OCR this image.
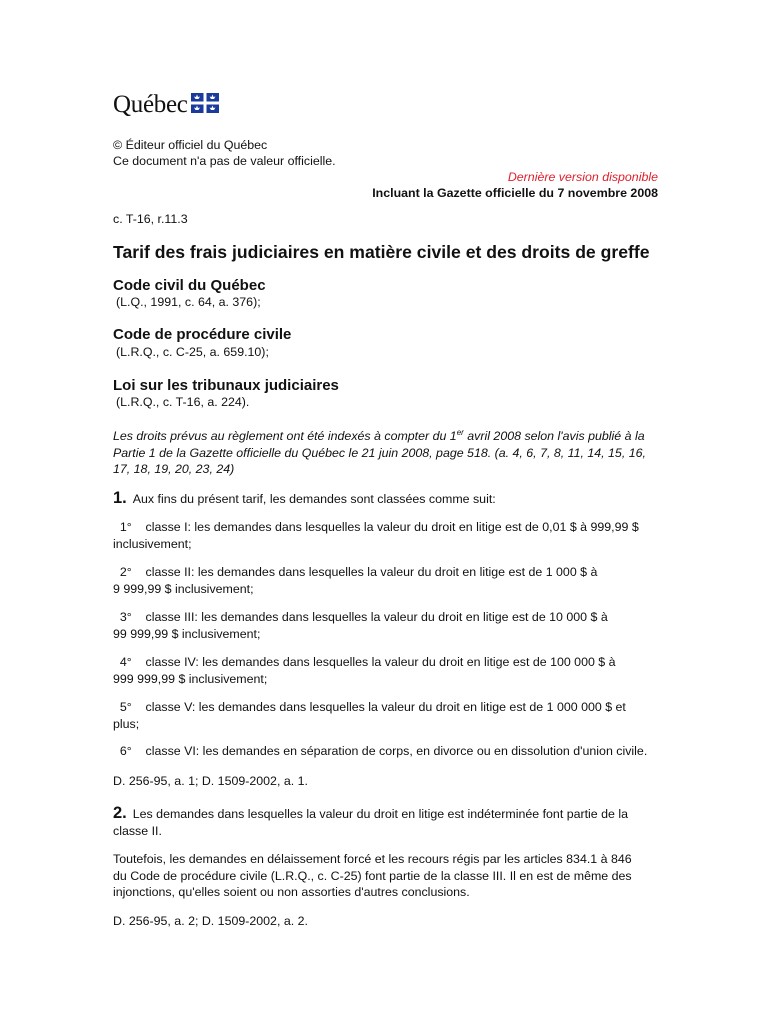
Québec
© Éditeur officiel du Québec
Ce document n'a pas de valeur officielle.
Dernière version disponible
Incluant la Gazette officielle du 7 novembre 2008
c. T-16, r.11.3
Tarif des frais judiciaires en matière civile et des droits de greffe
Code civil du Québec
(L.Q., 1991, c. 64, a. 376);
Code de procédure civile
(L.R.Q., c. C-25, a. 659.10);
Loi sur les tribunaux judiciaires
(L.R.Q., c. T-16, a. 224).
Les droits prévus au règlement ont été indexés à compter du 1er avril 2008 selon l'avis publié à la
Partie 1 de la Gazette officielle du Québec le 21 juin 2008, page 518. (a. 4, 6, 7, 8, 11, 14, 15, 16,
17, 18, 19, 20, 23, 24)
1. Aux fins du présent tarif, les demandes sont classées comme suit:
1° classe I: les demandes dans lesquelles la valeur du droit en litige est de 0,01 $ à 999,99 $
inclusivement;
2° classe II: les demandes dans lesquelles la valeur du droit en litige est de 1 000 $ à
9 999,99 $ inclusivement;
3° classe III: les demandes dans lesquelles la valeur du droit en litige est de 10 000 $ à
99 999,99 $ inclusivement;
4° classe IV: les demandes dans lesquelles la valeur du droit en litige est de 100 000 $ à
999 999,99 $ inclusivement;
5° classe V: les demandes dans lesquelles la valeur du droit en litige est de 1 000 000 $ et
plus;
6° classe VI: les demandes en séparation de corps, en divorce ou en dissolution d'union civile.
D. 256-95, a. 1; D. 1509-2002, a. 1.
2. Les demandes dans lesquelles la valeur du droit en litige est indéterminée font partie de la
classe II.
Toutefois, les demandes en délaissement forcé et les recours régis par les articles 834.1 à 846
du Code de procédure civile (L.R.Q., c. C-25) font partie de la classe III. Il en est de même des
injonctions, qu'elles soient ou non assorties d'autres conclusions.
D. 256-95, a. 2; D. 1509-2002, a. 2.
